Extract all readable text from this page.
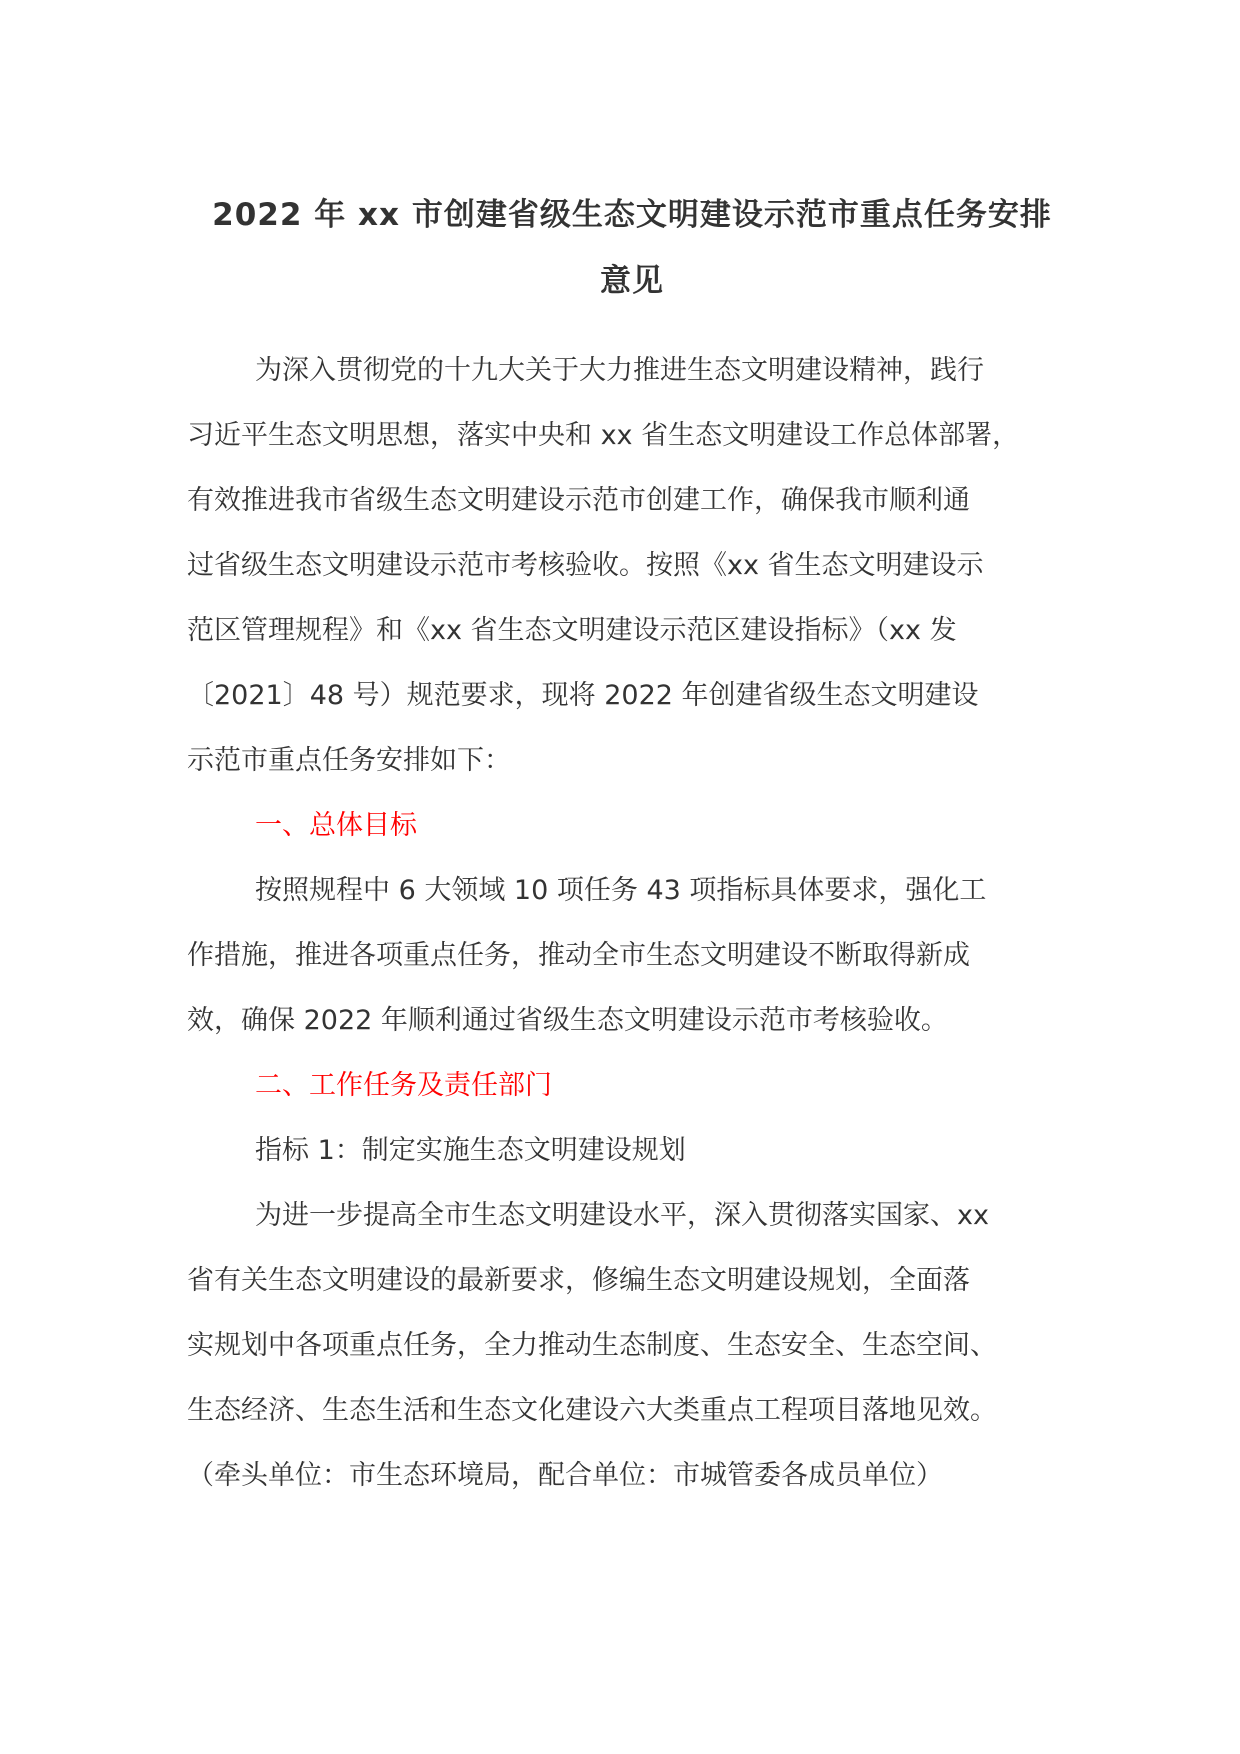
2022 年 xx 市创建省级生态文明建设示范市重点任务安排
意见
为深入贯彻党的十九大关于大力推进生态文明建设精神，践行
习近平生态文明思想，落实中央和 xx 省生态文明建设工作总体部署，
有效推进我市省级生态文明建设示范市创建工作，确保我市顺利通
过省级生态文明建设示范市考核验收。按照《xx 省生态文明建设示
范区管理规程》和《xx 省生态文明建设示范区建设指标》（xx 发
〔2021〕48 号）规范要求，现将 2022 年创建省级生态文明建设
示范市重点任务安排如下：
一、总体目标
按照规程中 6 大领域 10 项任务 43 项指标具体要求，强化工
作措施，推进各项重点任务，推动全市生态文明建设不断取得新成
效，确保 2022 年顺利通过省级生态文明建设示范市考核验收。
二、工作任务及责任部门
指标 1：制定实施生态文明建设规划
为进一步提高全市生态文明建设水平，深入贯彻落实国家、xx
省有关生态文明建设的最新要求，修编生态文明建设规划，全面落
实规划中各项重点任务，全力推动生态制度、生态安全、生态空间、
生态经济、生态生活和生态文化建设六大类重点工程项目落地见效。
（牵头单位：市生态环境局，配合单位：市城管委各成员单位）
